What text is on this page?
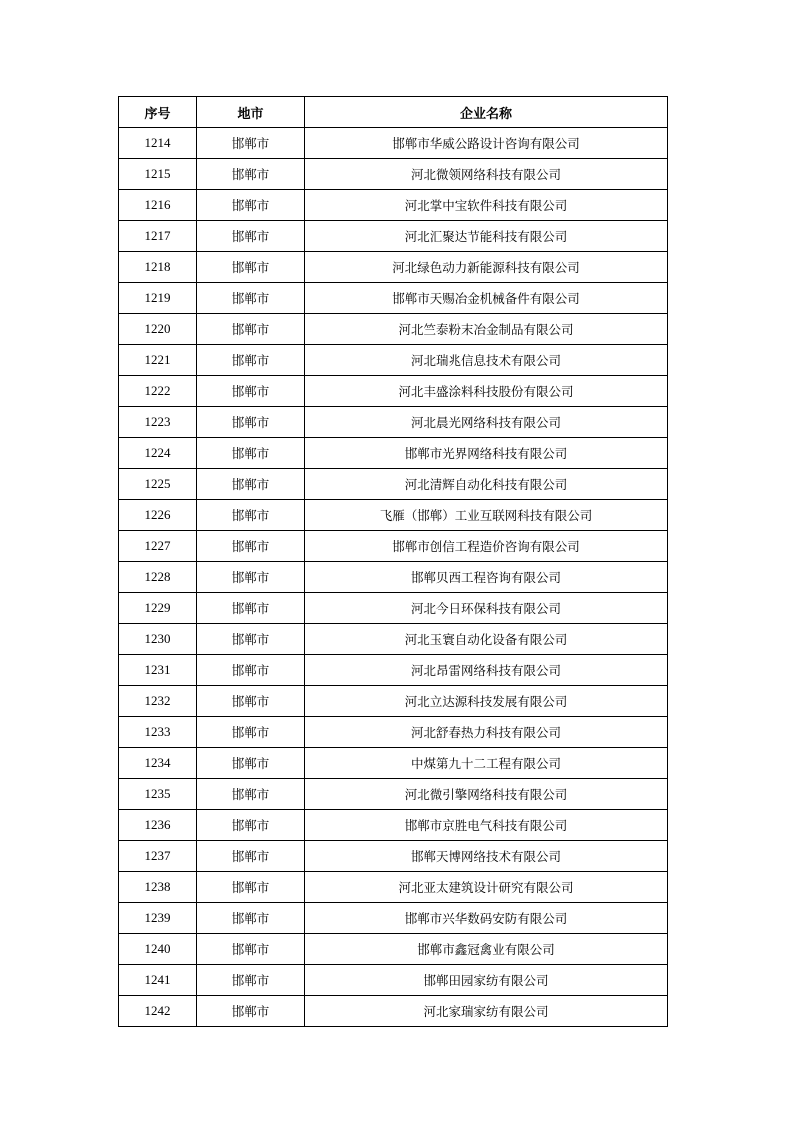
序号	地市	企业名称
1214	邯郸市	邯郸市华威公路设计咨询有限公司
1215	邯郸市	河北微领网络科技有限公司
1216	邯郸市	河北掌中宝软件科技有限公司
1217	邯郸市	河北汇聚达节能科技有限公司
1218	邯郸市	河北绿色动力新能源科技有限公司
1219	邯郸市	邯郸市天赐冶金机械备件有限公司
1220	邯郸市	河北竺泰粉末冶金制品有限公司
1221	邯郸市	河北瑞兆信息技术有限公司
1222	邯郸市	河北丰盛涂料科技股份有限公司
1223	邯郸市	河北晨光网络科技有限公司
1224	邯郸市	邯郸市光界网络科技有限公司
1225	邯郸市	河北清辉自动化科技有限公司
1226	邯郸市	飞雁（邯郸）工业互联网科技有限公司
1227	邯郸市	邯郸市创信工程造价咨询有限公司
1228	邯郸市	邯郸贝西工程咨询有限公司
1229	邯郸市	河北今日环保科技有限公司
1230	邯郸市	河北玉寰自动化设备有限公司
1231	邯郸市	河北昂雷网络科技有限公司
1232	邯郸市	河北立达源科技发展有限公司
1233	邯郸市	河北舒春热力科技有限公司
1234	邯郸市	中煤第九十二工程有限公司
1235	邯郸市	河北微引擎网络科技有限公司
1236	邯郸市	邯郸市京胜电气科技有限公司
1237	邯郸市	邯郸天博网络技术有限公司
1238	邯郸市	河北亚太建筑设计研究有限公司
1239	邯郸市	邯郸市兴华数码安防有限公司
1240	邯郸市	邯郸市鑫冠禽业有限公司
1241	邯郸市	邯郸田园家纺有限公司
1242	邯郸市	河北家瑞家纺有限公司
